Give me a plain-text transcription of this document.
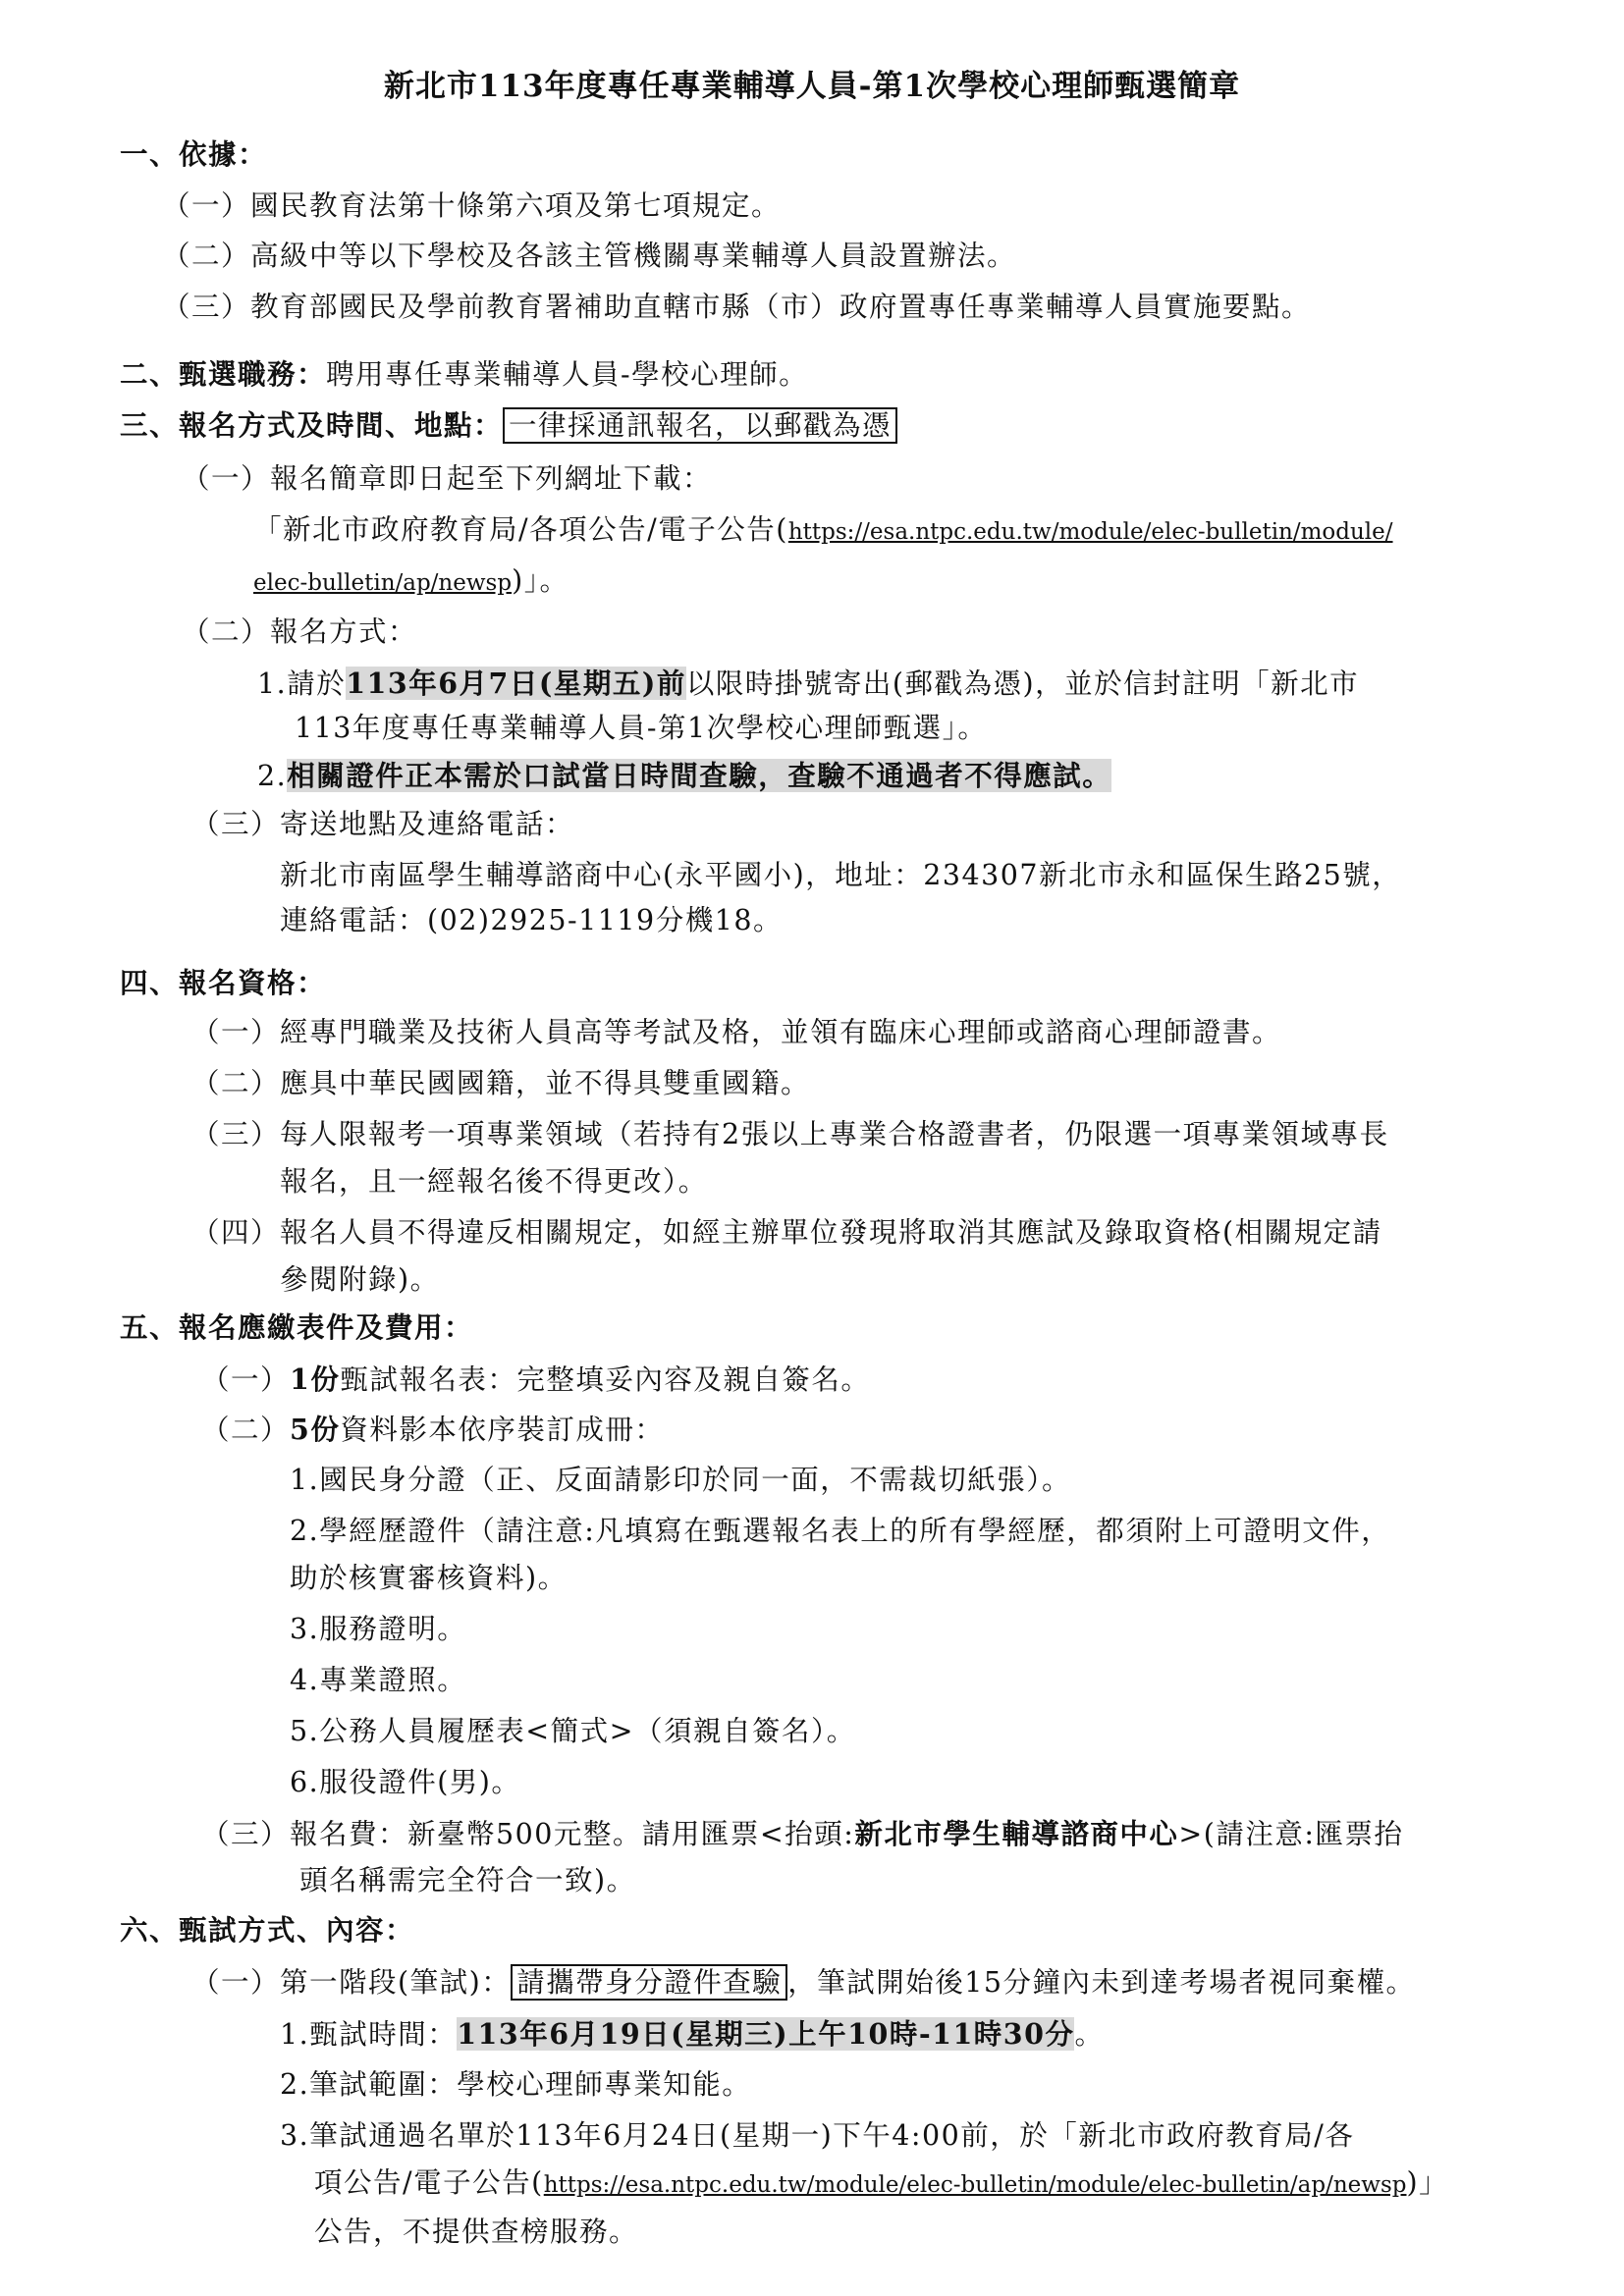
新北市113年度專任專業輔導人員-第1次學校心理師甄選簡章
一、依據：
（一）國民教育法第十條第六項及第七項規定。
（二）高級中等以下學校及各該主管機關專業輔導人員設置辦法。
（三）教育部國民及學前教育署補助直轄市縣（市）政府置專任專業輔導人員實施要點。
二、甄選職務：聘用專任專業輔導人員-學校心理師。
三、報名方式及時間、地點： 一律採通訊報名，以郵戳為憑
（一）報名簡章即日起至下列網址下載：
「新北市政府教育局/各項公告/電子公告(https://esa.ntpc.edu.tw/module/elec-bulletin/module/
elec-bulletin/ap/newsp)」。
（二）報名方式：
1.請於113年6月7日(星期五)前以限時掛號寄出(郵戳為憑)，並於信封註明「新北市
113年度專任專業輔導人員-第1次學校心理師甄選」。
2.相關證件正本需於口試當日時間查驗，查驗不通過者不得應試。
（三）寄送地點及連絡電話：
新北市南區學生輔導諮商中心(永平國小)，地址：234307新北市永和區保生路25號，
連絡電話：(02)2925-1119分機18。
四、報名資格：
（一）經專門職業及技術人員高等考試及格，並領有臨床心理師或諮商心理師證書。
（二）應具中華民國國籍，並不得具雙重國籍。
（三）每人限報考一項專業領域（若持有2張以上專業合格證書者，仍限選一項專業領域專長
報名，且一經報名後不得更改）。
（四）報名人員不得違反相關規定，如經主辦單位發現將取消其應試及錄取資格(相關規定請
參閱附錄)。
五、報名應繳表件及費用：
（一）1份甄試報名表：完整填妥內容及親自簽名。
（二）5份資料影本依序裝訂成冊：
1.國民身分證（正、反面請影印於同一面，不需裁切紙張）。
2.學經歷證件（請注意:凡填寫在甄選報名表上的所有學經歷，都須附上可證明文件，
助於核實審核資料)。
3.服務證明。
4.專業證照。
5.公務人員履歷表<簡式>（須親自簽名）。
6.服役證件(男)。
（三）報名費：新臺幣500元整。請用匯票<抬頭:新北市學生輔導諮商中心>(請注意:匯票抬
頭名稱需完全符合一致)。
六、甄試方式、內容：
（一）第一階段(筆試)： 請攜帶身分證件查驗 ，筆試開始後15分鐘內未到達考場者視同棄權。
1.甄試時間：113年6月19日(星期三)上午10時-11時30分。
2.筆試範圍：學校心理師專業知能。
3.筆試通過名單於113年6月24日(星期一)下午4:00前，於「新北市政府教育局/各
項公告/電子公告(https://esa.ntpc.edu.tw/module/elec-bulletin/module/elec-bulletin/ap/newsp)」
公告，不提供查榜服務。
